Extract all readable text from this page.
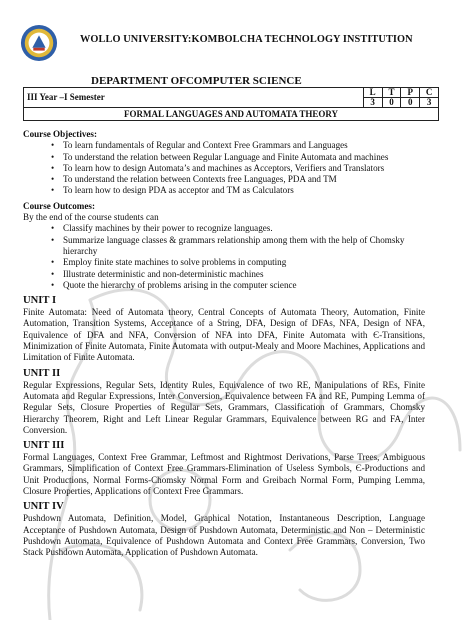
WOLLO UNIVERSITY:KOMBOLCHA TECHNOLOGY INSTITUTION
DEPARTMENT OFCOMPUTER SCIENCE
III Year –I Semester	L	T	P	C
	3	0	0	3
FORMAL LANGUAGES AND AUTOMATA THEORY				
Course Objectives:
• To learn fundamentals of Regular and Context Free Grammars and Languages
• To understand the relation between Regular Language and Finite Automata and machines
• To learn how to design Automata’s and machines as Acceptors, Verifiers and Translators
• To understand the relation between Contexts free Languages, PDA and TM
• To learn how to design PDA as acceptor and TM as Calculators
Course Outcomes:

By the end of the course students can

• Classify machines by their power to recognize languages.
• Summarize language classes & grammars relationship among them with the help of Chomsky hierarchy
• Employ finite state machines to solve problems in computing
• Illustrate deterministic and non-deterministic machines
• Quote the hierarchy of problems arising in the computer science
UNIT I
Finite Automata: Need of Automata theory, Central Concepts of Automata Theory, Automation, Finite Automation, Transition Systems, Acceptance of a String, DFA, Design of DFAs, NFA, Design of NFA, Equivalence of DFA and NFA, Conversion of NFA into DFA, Finite Automata with Є-Transitions, Minimization of Finite Automata, Finite Automata with output-Mealy and Moore Machines, Applications and Limitation of Finite Automata.
UNIT II
Regular Expressions, Regular Sets, Identity Rules, Equivalence of two RE, Manipulations of REs, Finite Automata and Regular Expressions, Inter Conversion, Equivalence between FA and RE, Pumping Lemma of Regular Sets, Closure Properties of Regular Sets, Grammars, Classification of Grammars, Chomsky Hierarchy Theorem, Right and Left Linear Regular Grammars, Equivalence between RG and FA, Inter Conversion.
UNIT III
Formal Languages, Context Free Grammar, Leftmost and Rightmost Derivations, Parse Trees, Ambiguous Grammars, Simplification of Context Free Grammars-Elimination of Useless Symbols, Є-Productions and Unit Productions, Normal Forms-Chomsky Normal Form and Greibach Normal Form, Pumping Lemma, Closure Properties, Applications of Context Free Grammars.
UNIT IV
Pushdown Automata, Definition, Model, Graphical Notation, Instantaneous Description, Language Acceptance of Pushdown Automata, Design of Pushdown Automata, Deterministic and Non – Deterministic Pushdown Automata, Equivalence of Pushdown Automata and Context Free Grammars, Conversion, Two Stack Pushdown Automata, Application of Pushdown Automata.
